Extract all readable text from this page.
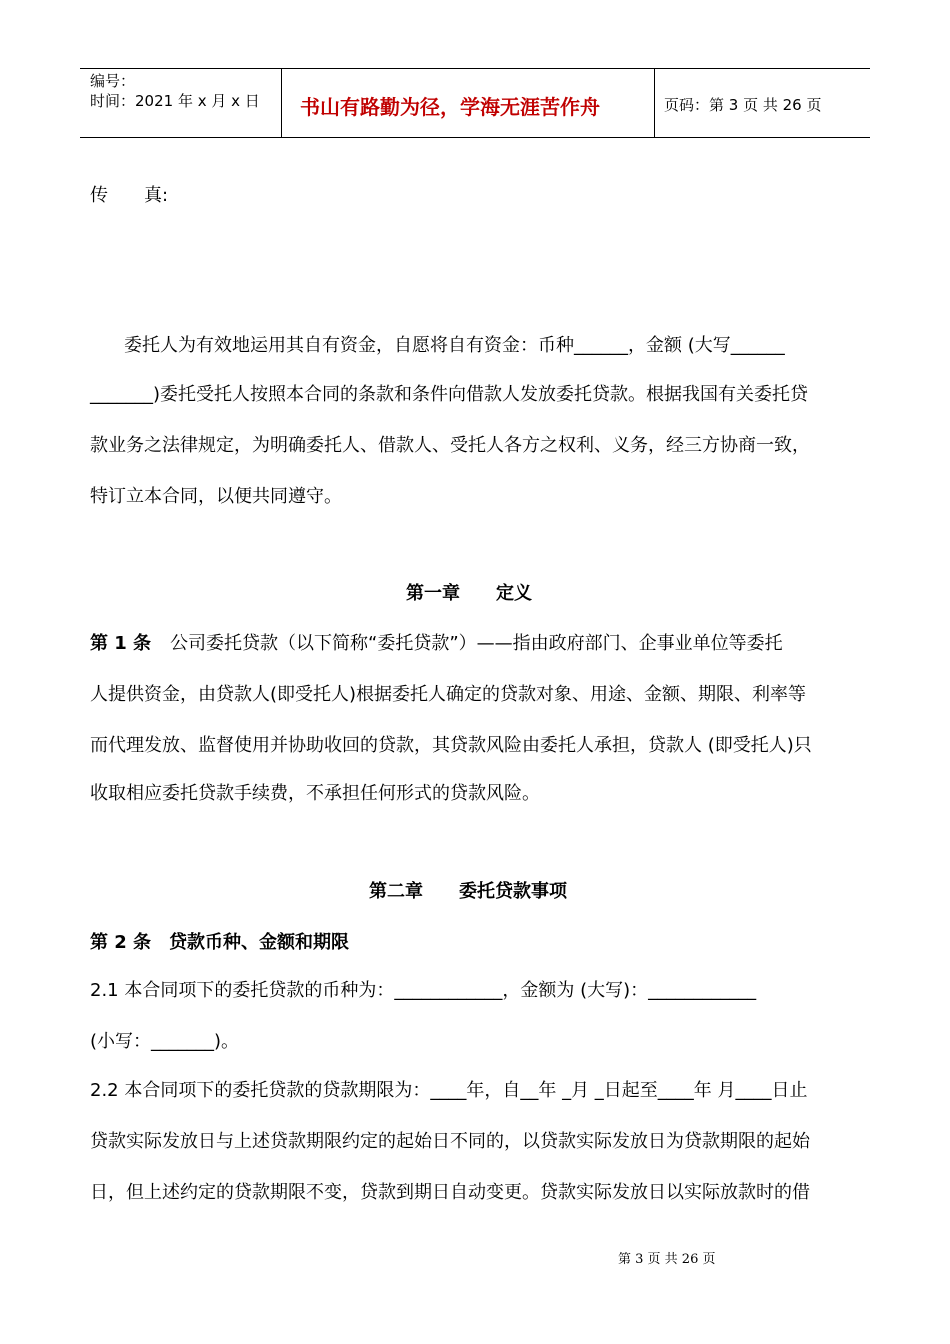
编号：
时间：2021 年 x 月 x 日 书山有路勤为径，学海无涯苦作舟	页码：第 3 页 共 26 页
传　　真:
委托人为有效地运用其自有资金，自愿将自有资金：币种______，金额 (大写______
_______)委托受托人按照本合同的条款和条件向借款人发放委托贷款。根据我国有关委托贷
款业务之法律规定，为明确委托人、借款人、受托人各方之权利、义务，经三方协商一致，
特订立本合同，以便共同遵守。
第一章　　定义
第 1 条 　公司委托贷款（以下简称“委托贷款”）——指由政府部门、企事业单位等委托
人提供资金，由贷款人(即受托人)根据委托人确定的贷款对象、用途、金额、期限、利率等
而代理发放、监督使用并协助收回的贷款，其贷款风险由委托人承担，贷款人 (即受托人)只
收取相应委托贷款手续费，不承担任何形式的贷款风险。
第二章　　委托贷款事项
第 2 条　贷款币种、金额和期限
2.1 本合同项下的委托贷款的币种为：____________，金额为 (大写)：____________
(小写：_______)。
2.2 本合同项下的委托贷款的贷款期限为：____年，自__年 _月 _日起至____年 月____日止
贷款实际发放日与上述贷款期限约定的起始日不同的，以贷款实际发放日为贷款期限的起始
日，但上述约定的贷款期限不变，贷款到期日自动变更。贷款实际发放日以实际放款时的借
第 3 页 共 26 页
